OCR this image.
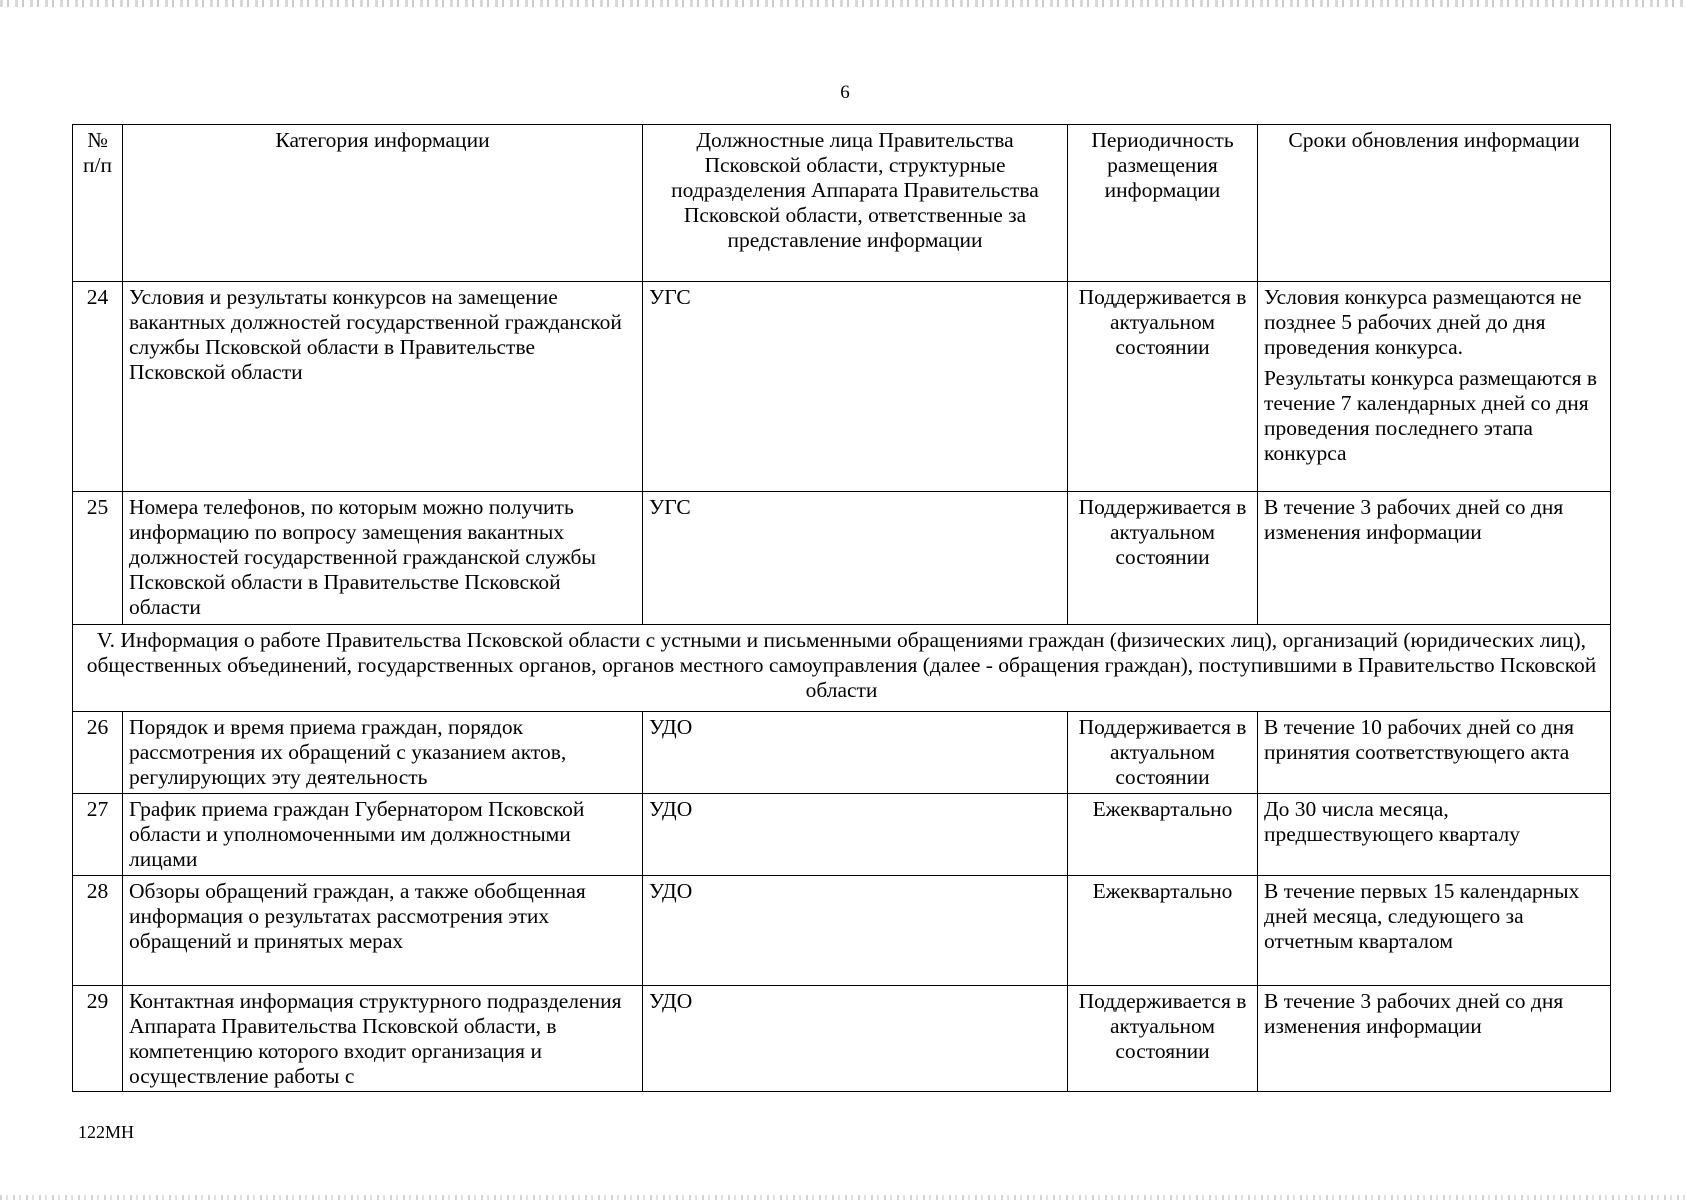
6
№ п/п	Категория информации	Должностные лица Правительства Псковской области, структурные подразделения Аппарата Правительства Псковской области, ответственные за представление информации	Периодичность размещения информации	Сроки обновления информации
24	Условия и результаты конкурсов на замещение вакантных должностей государственной гражданской службы Псковской области в Правительстве Псковской области	УГС	Поддерживается в актуальном состоянии	Условия конкурса размещаются не позднее 5 рабочих дней до дня проведения конкурса.
Результаты конкурса размещаются в течение 7 календарных дней со дня проведения последнего этапа конкурса

25	Номера телефонов, по которым можно получить информацию по вопросу замещения вакантных должностей государственной гражданской службы Псковской области в Правительстве Псковской области	УГС	Поддерживается в актуальном состоянии	В течение 3 рабочих дней со дня изменения информации
V. Информация о работе Правительства Псковской области с устными и письменными обращениями граждан (физических лиц), организаций (юридических лиц), общественных объединений, государственных органов, органов местного самоуправления (далее - обращения граждан), поступившими в Правительство Псковской области				
26	Порядок и время приема граждан, порядок рассмотрения их обращений с указанием актов, регулирующих эту деятельность	УДО	Поддерживается в актуальном состоянии	В течение 10 рабочих дней со дня принятия соответствующего акта
27	График приема граждан Губернатором Псковской области и уполномоченными им должностными лицами	УДО	Ежеквартально	До 30 числа месяца, предшествующего кварталу
28	Обзоры обращений граждан, а также обобщенная информация о результатах рассмотрения этих обращений и принятых мерах	УДО	Ежеквартально	В течение первых 15 календарных дней месяца, следующего за отчетным кварталом
29	Контактная информация структурного подразделения Аппарата Правительства Псковской области, в компетенцию которого входит организация и осуществление работы с	УДО	Поддерживается в актуальном состоянии	В течение 3 рабочих дней со дня изменения информации
122МН
